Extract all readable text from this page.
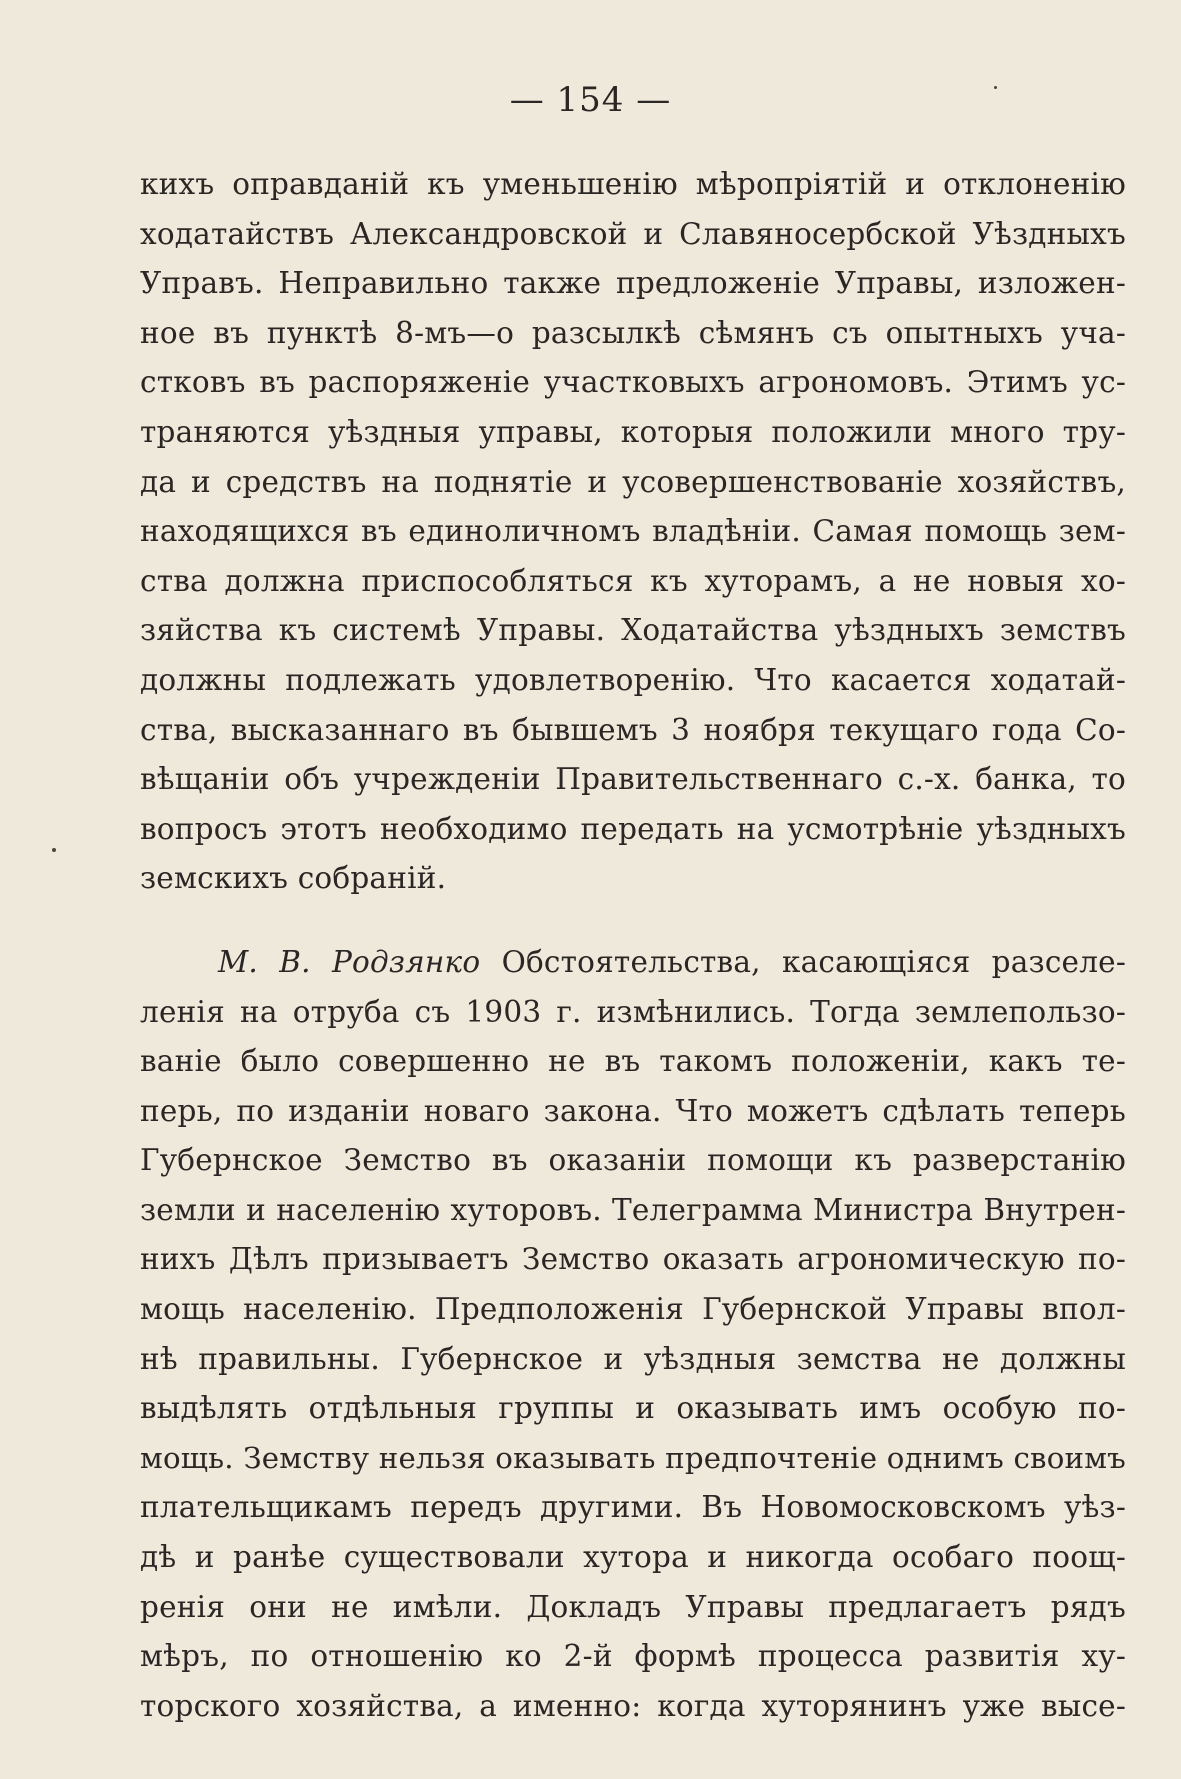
— 154 —
кихъ оправданій къ уменьшенію мѣропріятій и отклоненію
ходатайствъ Александровской и Славяносербской Уѣздныхъ
Управъ. Неправильно также предложеніе Управы, изложен-
ное въ пунктѣ 8-мъ—о разсылкѣ сѣмянъ съ опытныхъ уча-
стковъ въ распоряженіе участковыхъ агрономовъ. Этимъ ус-
траняются уѣздныя управы, которыя положили много тру-
да и средствъ на поднятіе и усовершенствованіе хозяйствъ,
находящихся въ единоличномъ владѣніи. Самая помощь зем-
ства должна приспособляться къ хуторамъ, а не новыя хо-
зяйства къ системѣ Управы. Ходатайства уѣздныхъ земствъ
должны подлежать удовлетворенію. Что касается ходатай-
ства, высказаннаго въ бывшемъ 3 ноября текущаго года Со-
вѣщаніи объ учрежденіи Правительственнаго с.-х. банка, то
вопросъ этотъ необходимо передать на усмотрѣніе уѣздныхъ
земскихъ собраній.
М. В. Родзянко Обстоятельства, касающіяся разселе-
ленія на отруба съ 1903 г. измѣнились. Тогда землепользо-
ваніе было совершенно не въ такомъ положеніи, какъ те-
перь, по изданіи новаго закона. Что можетъ сдѣлать теперь
Губернское Земство въ оказаніи помощи къ разверстанію
земли и населенію хуторовъ. Телеграмма Министра Внутрен-
нихъ Дѣлъ призываетъ Земство оказать агрономическую по-
мощь населенію. Предположенія Губернской Управы впол-
нѣ правильны. Губернское и уѣздныя земства не должны
выдѣлять отдѣльныя группы и оказывать имъ особую по-
мощь. Земству нельзя оказывать предпочтеніе однимъ своимъ
плательщикамъ передъ другими. Въ Новомосковскомъ уѣз-
дѣ и ранѣе существовали хутора и никогда особаго поощ-
ренія они не имѣли. Докладъ Управы предлагаетъ рядъ
мѣръ, по отношенію ко 2-й формѣ процесса развитія ху-
торского хозяйства, а именно: когда хуторянинъ уже высе-
